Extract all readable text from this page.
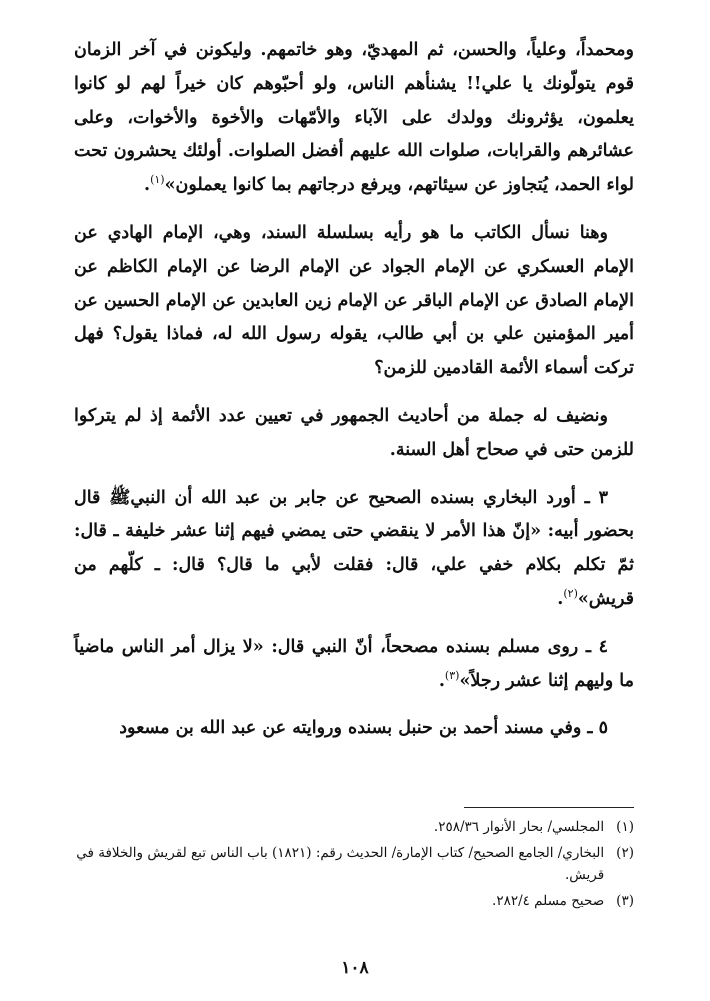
ومحمداً، وعلياً، والحسن، ثم المهديّ، وهو خاتمهم. وليكونن في آخر الزمان قوم يتولّونك يا علي!! يشنأهم الناس، ولو أحبّوهم كان خيراً لهم لو كانوا يعلمون، يؤثرونك وولدك على الآباء والأمّهات والأخوة والأخوات، وعلى عشائرهم والقرابات، صلوات الله عليهم أفضل الصلوات. أولئك يحشرون تحت لواء الحمد، يُتجاوز عن سيئاتهم، ويرفع درجاتهم بما كانوا يعملون»$^{(١)}$.

وهنا نسأل الكاتب ما هو رأيه بسلسلة السند، وهي، الإمام الهادي عن الإمام العسكري عن الإمام الجواد عن الإمام الرضا عن الإمام الكاظم عن الإمام الصادق عن الإمام الباقر عن الإمام زين العابدين عن الإمام الحسين عن أمير المؤمنين علي بن أبي طالب، يقوله رسول الله له، فماذا يقول؟ فهل تركت أسماء الأئمة القادمين للزمن؟

ونضيف له جملة من أحاديث الجمهور في تعيين عدد الأئمة إذ لم يتركوا للزمن حتى في صحاح أهل السنة.

٣ ـ أورد البخاري بسنده الصحيح عن جابر بن عبد الله أن النبيﷺ قال بحضور أبيه: «إنّ هذا الأمر لا ينقضي حتى يمضي فيهم إثنا عشر خليفة ـ قال: ثمّ تكلم بكلام خفي علي، قال: فقلت لأبي ما قال؟ قال: ـ كلّهم من قريش»$^{(٢)}$.

٤ ـ روى مسلم بسنده مصححاً، أنّ النبي قال: «لا يزال أمر الناس ماضياً ما وليهم إثنا عشر رجلاً»$^{(٣)}$.

٥ ـ وفي مسند أحمد بن حنبل بسنده وروايته عن عبد الله بن مسعود

(١)
المجلسي/ بحار الأنوار ٢٥٨/٣٦.
(٢)
البخاري/ الجامع الصحيح/ كتاب الإمارة/ الحديث رقم: (١٨٢١) باب الناس تبع لقريش والخلافة في قريش.
(٣)
صحيح مسلم ٢٨٢/٤.
١٠٨
